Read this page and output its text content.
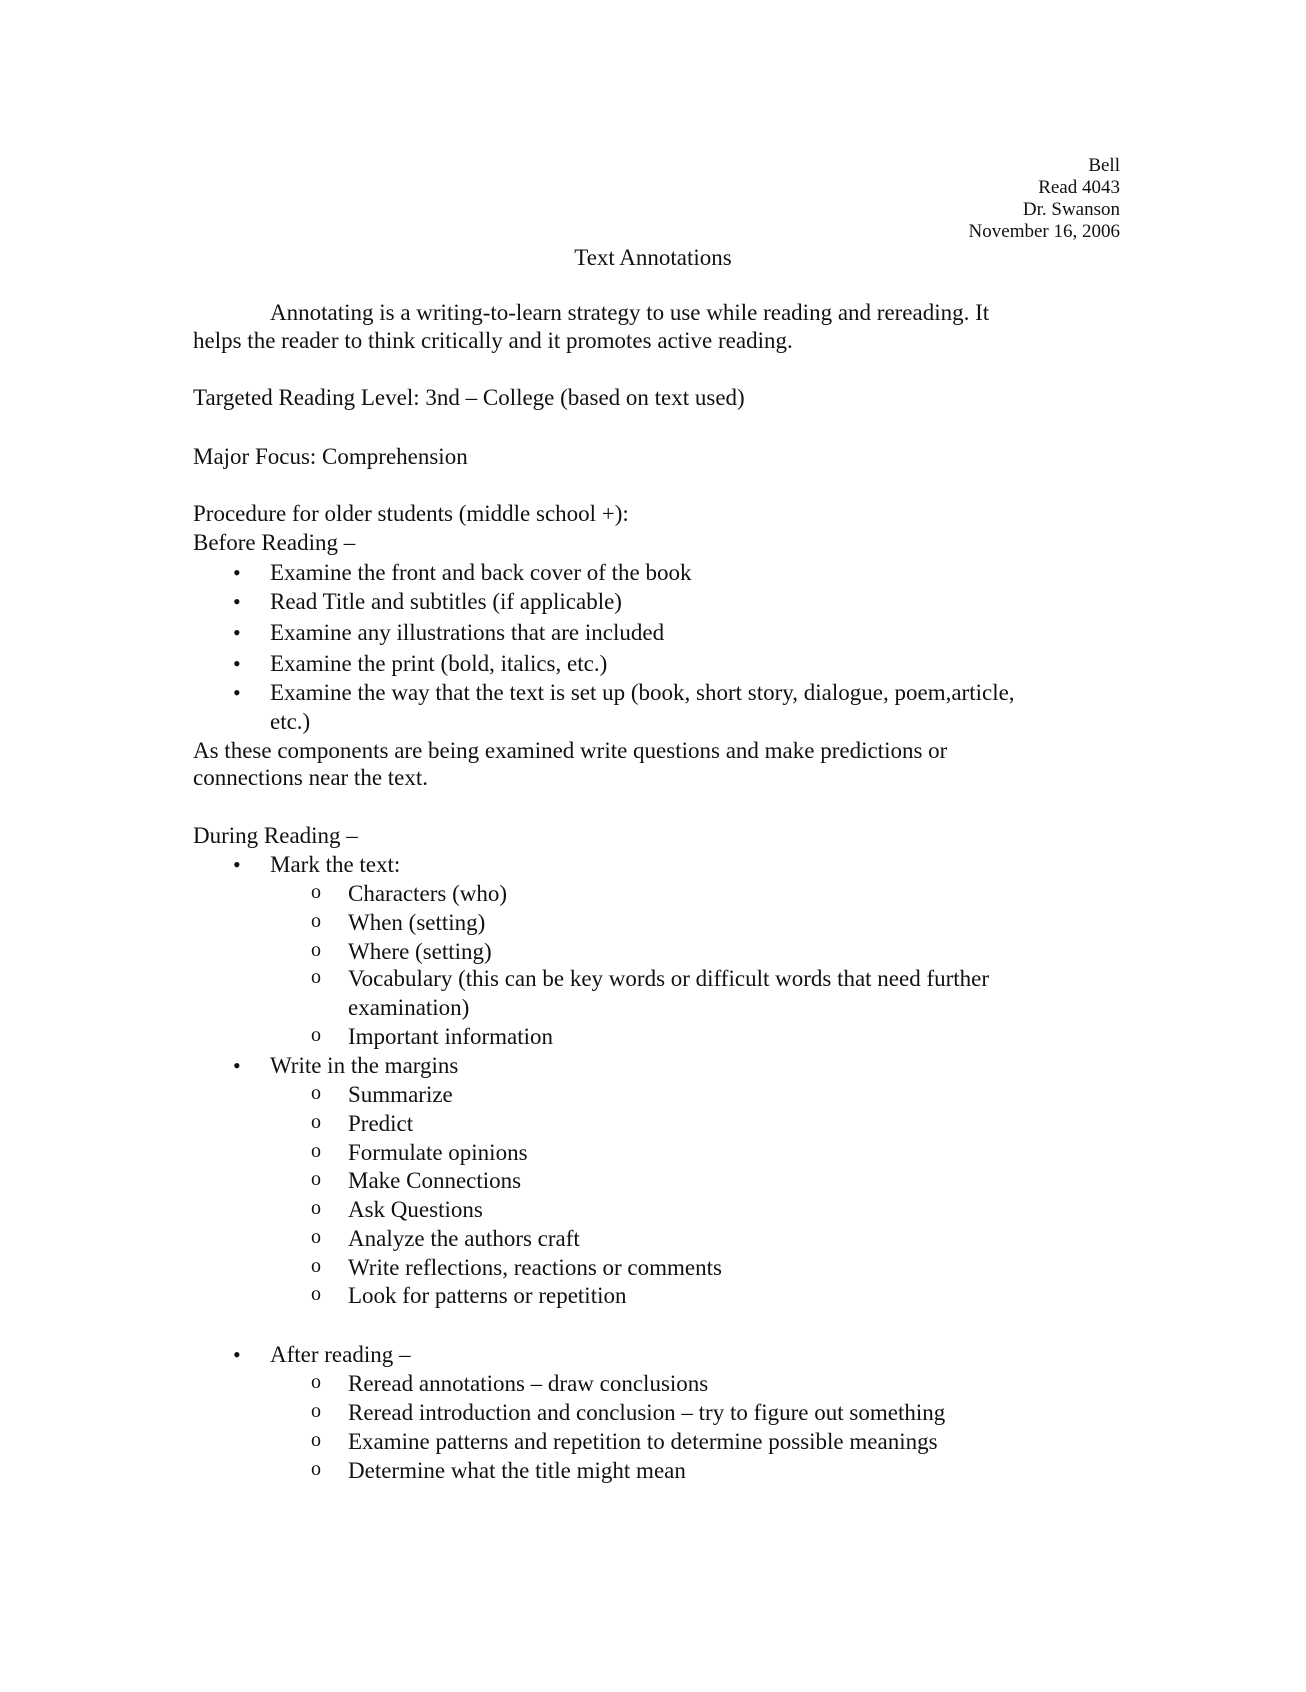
Bell
Read 4043
Dr. Swanson
November 16, 2006
Text Annotations
Annotating is a writing-to-learn strategy to use while reading and rereading. It
helps the reader to think critically and it promotes active reading.
Targeted Reading Level: 3nd – College (based on text used)
Major Focus: Comprehension
Procedure for older students (middle school +):
Before Reading –
• Examine the front and back cover of the book
• Read Title and subtitles (if applicable)
• Examine any illustrations that are included
• Examine the print (bold, italics, etc.)
• Examine the way that the text is set up (book, short story, dialogue, poem,article,
etc.)
As these components are being examined write questions and make predictions or
connections near the text.
During Reading –
• Mark the text:
o Characters (who)
o When (setting)
o Where (setting)
o Vocabulary (this can be key words or difficult words that need further
examination)
o Important information
• Write in the margins
o Summarize
o Predict
o Formulate opinions
o Make Connections
o Ask Questions
o Analyze the authors craft
o Write reflections, reactions or comments
o Look for patterns or repetition
• After reading –
o Reread annotations – draw conclusions
o Reread introduction and conclusion – try to figure out something
o Examine patterns and repetition to determine possible meanings
o Determine what the title might mean
